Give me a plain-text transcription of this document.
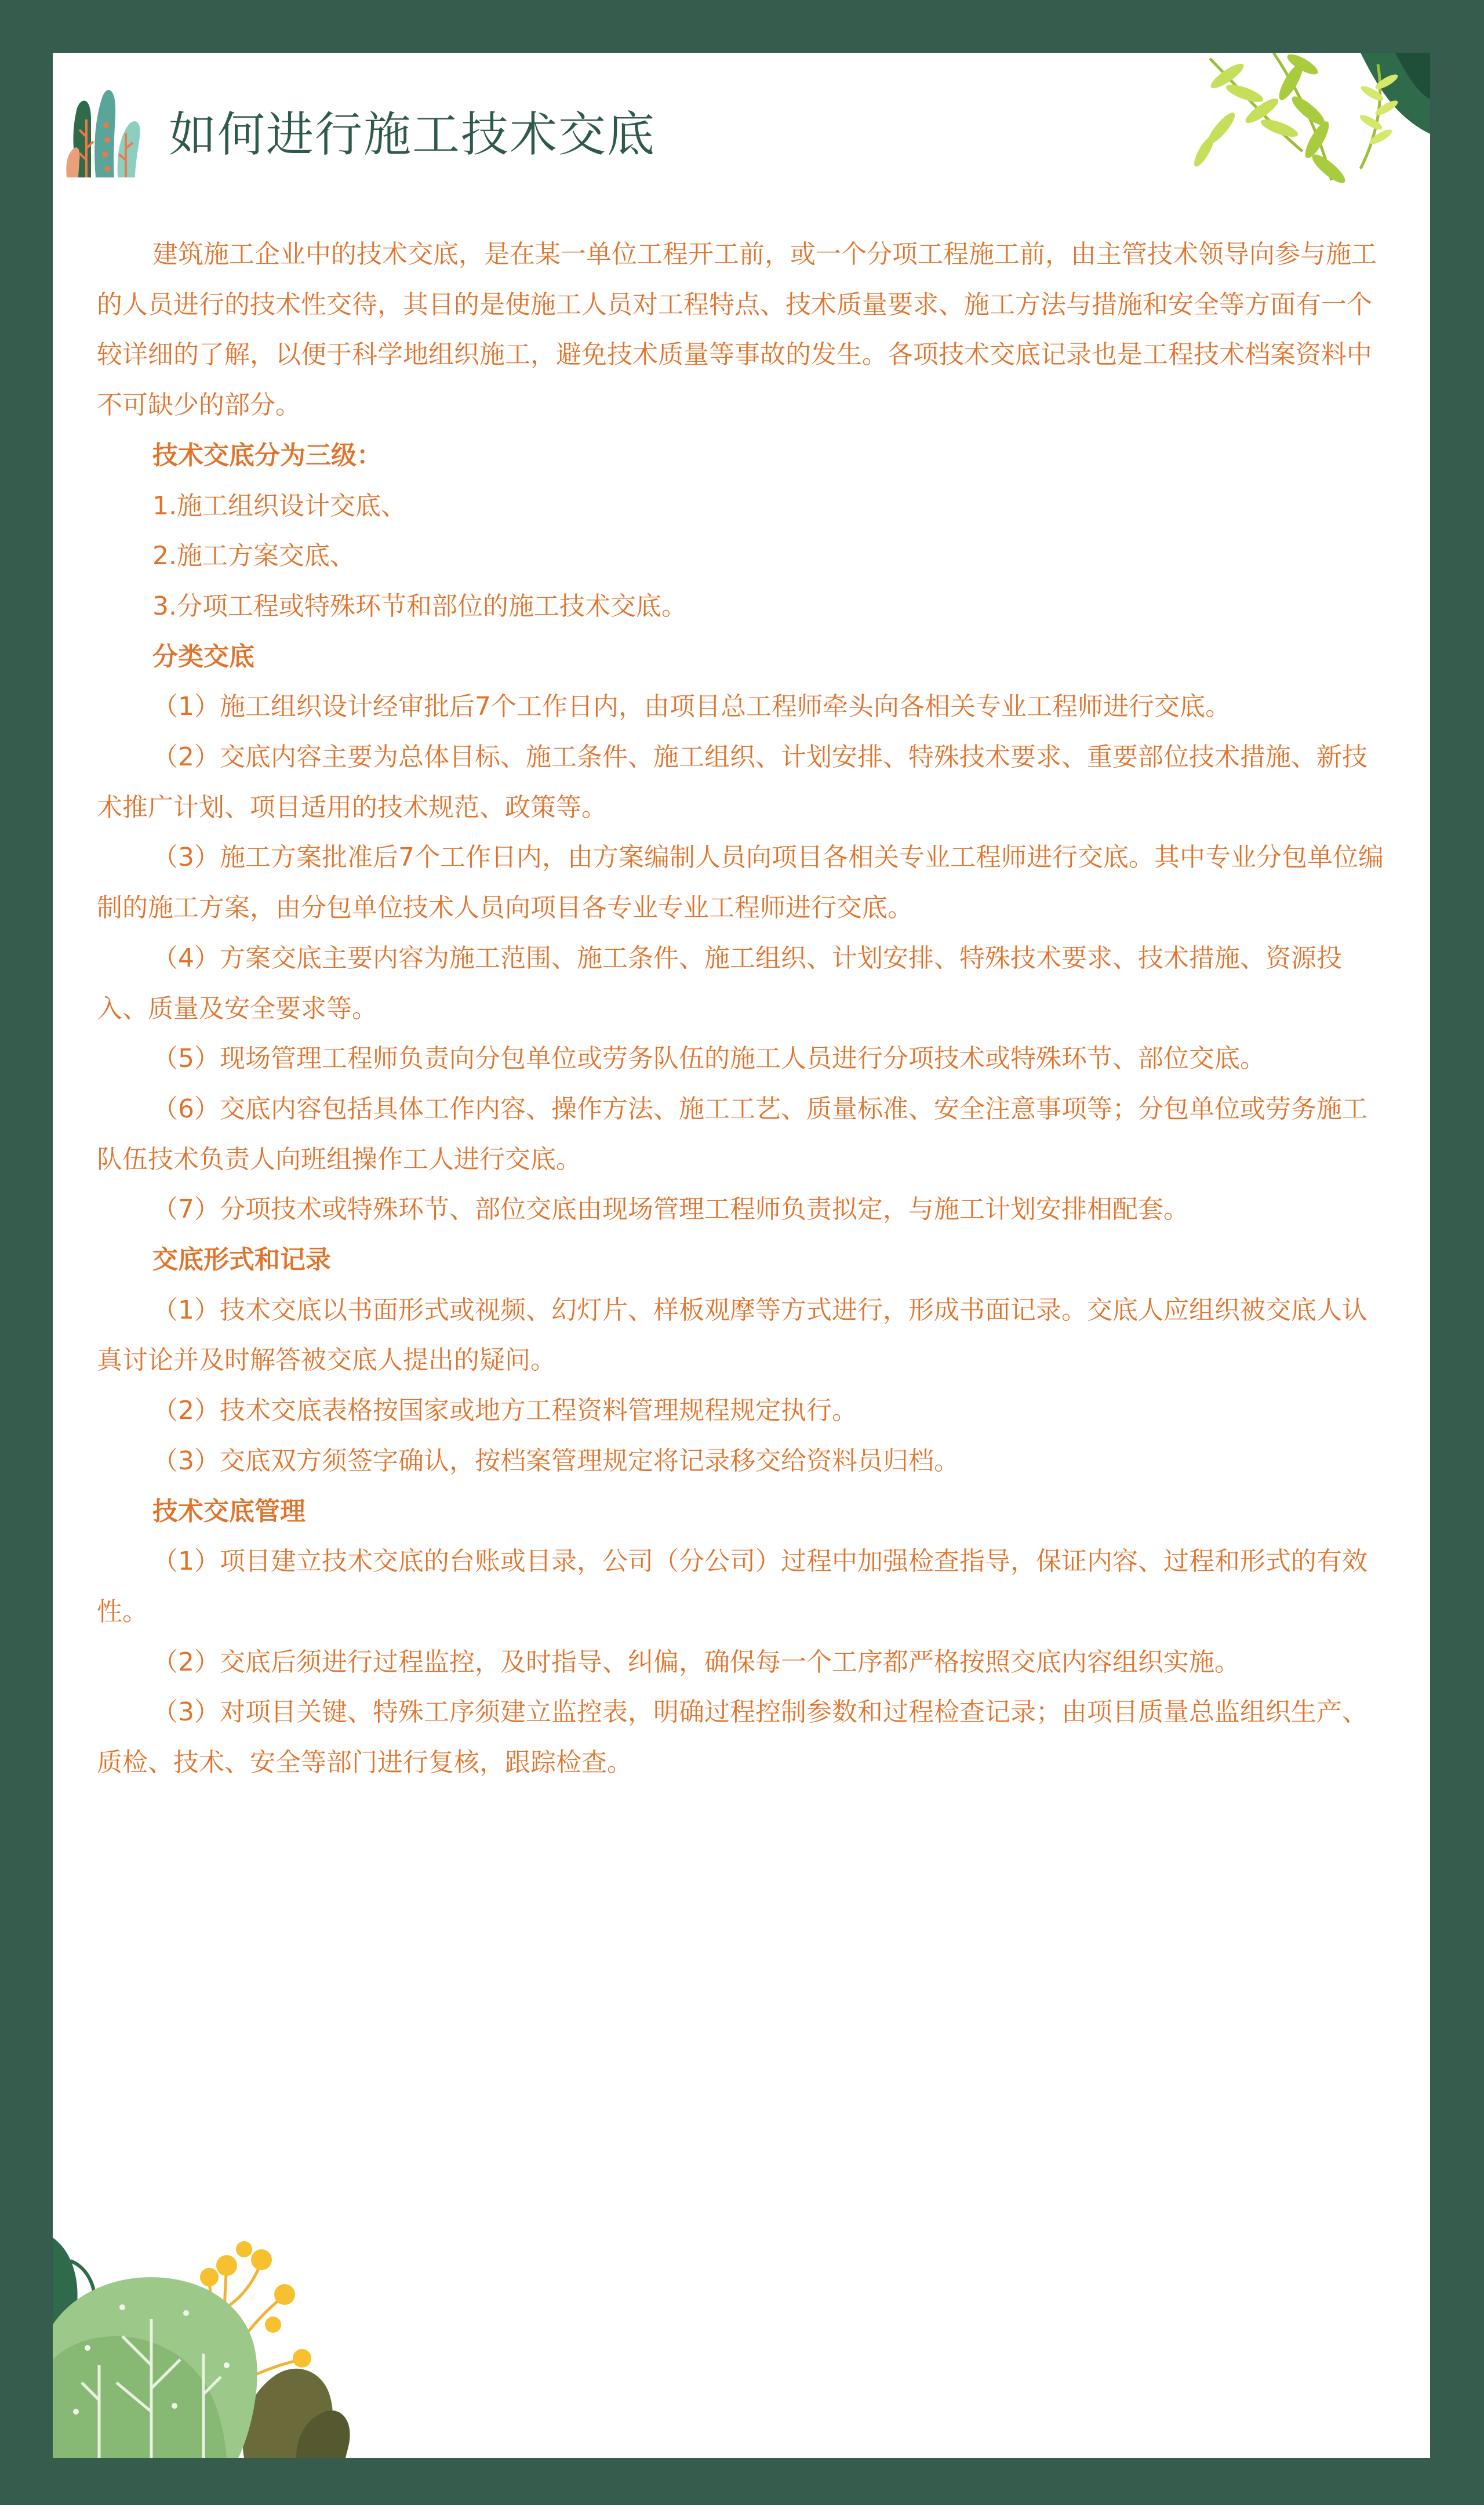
如何进行施工技术交底

建筑施工企业中的技术交底，是在某一单位工程开工前，或一个分项工程施工前，由主管技术领导向参与施工的人员进行的技术性交待，其目的是使施工人员对工程特点、技术质量要求、施工方法与措施和安全等方面有一个较详细的了解，以便于科学地组织施工，避免技术质量等事故的发生。各项技术交底记录也是工程技术档案资料中不可缺少的部分。

技术交底分为三级：

1.施工组织设计交底、

2.施工方案交底、

3.分项工程或特殊环节和部位的施工技术交底。

分类交底

（1）施工组织设计经审批后7个工作日内，由项目总工程师牵头向各相关专业工程师进行交底。

（2）交底内容主要为总体目标、施工条件、施工组织、计划安排、特殊技术要求、重要部位技术措施、新技术推广计划、项目适用的技术规范、政策等。

（3）施工方案批准后7个工作日内，由方案编制人员向项目各相关专业工程师进行交底。其中专业分包单位编制的施工方案，由分包单位技术人员向项目各专业专业工程师进行交底。

（4）方案交底主要内容为施工范围、施工条件、施工组织、计划安排、特殊技术要求、技术措施、资源投入、质量及安全要求等。

（5）现场管理工程师负责向分包单位或劳务队伍的施工人员进行分项技术或特殊环节、部位交底。

（6）交底内容包括具体工作内容、操作方法、施工工艺、质量标准、安全注意事项等；分包单位或劳务施工队伍技术负责人向班组操作工人进行交底。

（7）分项技术或特殊环节、部位交底由现场管理工程师负责拟定，与施工计划安排相配套。

交底形式和记录

（1）技术交底以书面形式或视频、幻灯片、样板观摩等方式进行，形成书面记录。交底人应组织被交底人认真讨论并及时解答被交底人提出的疑问。

（2）技术交底表格按国家或地方工程资料管理规程规定执行。

（3）交底双方须签字确认，按档案管理规定将记录移交给资料员归档。

技术交底管理

（1）项目建立技术交底的台账或目录，公司（分公司）过程中加强检查指导，保证内容、过程和形式的有效性。

（2）交底后须进行过程监控，及时指导、纠偏，确保每一个工序都严格按照交底内容组织实施。

（3）对项目关键、特殊工序须建立监控表，明确过程控制参数和过程检查记录；由项目质量总监组织生产、质检、技术、安全等部门进行复核，跟踪检查。
